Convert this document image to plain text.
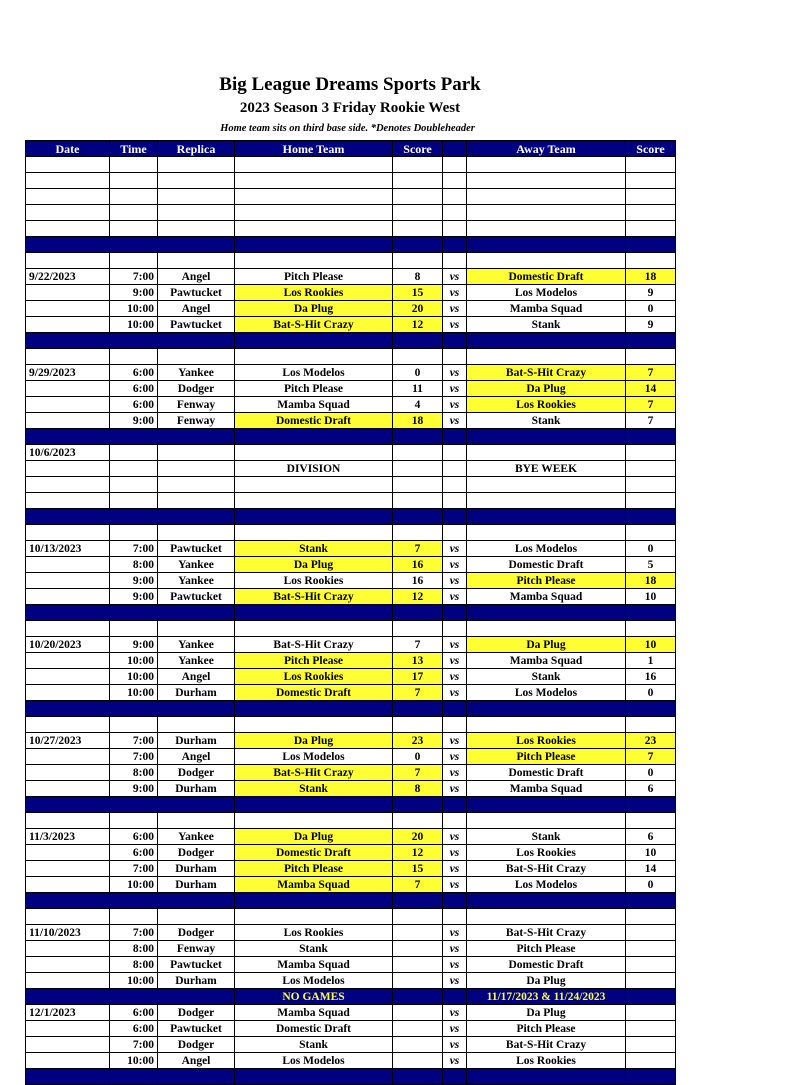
Big League Dreams Sports Park
2023 Season 3 Friday Rookie West
Home team sits on third base side. *Denotes Doubleheader
Date	Time	Replica	Home Team	Score		Away Team	Score

9/22/2023	7:00	Angel	Pitch Please	8	vs	Domestic Draft	18
	9:00	Pawtucket	Los Rookies	15	vs	Los Modelos	9
	10:00	Angel	Da Plug	20	vs	Mamba Squad	0
	10:00	Pawtucket	Bat-S-Hit Crazy	12	vs	Stank	9

9/29/2023	6:00	Yankee	Los Modelos	0	vs	Bat-S-Hit Crazy	7
	6:00	Dodger	Pitch Please	11	vs	Da Plug	14
	6:00	Fenway	Mamba Squad	4	vs	Los Rookies	7
	9:00	Fenway	Domestic Draft	18	vs	Stank	7

10/6/2023							
			DIVISION			BYE WEEK	

10/13/2023	7:00	Pawtucket	Stank	7	vs	Los Modelos	0
	8:00	Yankee	Da Plug	16	vs	Domestic Draft	5
	9:00	Yankee	Los Rookies	16	vs	Pitch Please	18
	9:00	Pawtucket	Bat-S-Hit Crazy	12	vs	Mamba Squad	10

10/20/2023	9:00	Yankee	Bat-S-Hit Crazy	7	vs	Da Plug	10
	10:00	Yankee	Pitch Please	13	vs	Mamba Squad	1
	10:00	Angel	Los Rookies	17	vs	Stank	16
	10:00	Durham	Domestic Draft	7	vs	Los Modelos	0

10/27/2023	7:00	Durham	Da Plug	23	vs	Los Rookies	23
	7:00	Angel	Los Modelos	0	vs	Pitch Please	7
	8:00	Dodger	Bat-S-Hit Crazy	7	vs	Domestic Draft	0
	9:00	Durham	Stank	8	vs	Mamba Squad	6

11/3/2023	6:00	Yankee	Da Plug	20	vs	Stank	6
	6:00	Dodger	Domestic Draft	12	vs	Los Rookies	10
	7:00	Durham	Pitch Please	15	vs	Bat-S-Hit Crazy	14
	10:00	Durham	Mamba Squad	7	vs	Los Modelos	0

11/10/2023	7:00	Dodger	Los Rookies		vs	Bat-S-Hit Crazy	
	8:00	Fenway	Stank		vs	Pitch Please	
	8:00	Pawtucket	Mamba Squad		vs	Domestic Draft	
	10:00	Durham	Los Modelos		vs	Da Plug	
			NO GAMES			11/17/2023 & 11/24/2023	
12/1/2023	6:00	Dodger	Mamba Squad		vs	Da Plug	
	6:00	Pawtucket	Domestic Draft		vs	Pitch Please	
	7:00	Dodger	Stank		vs	Bat-S-Hit Crazy	
	10:00	Angel	Los Modelos		vs	Los Rookies	
